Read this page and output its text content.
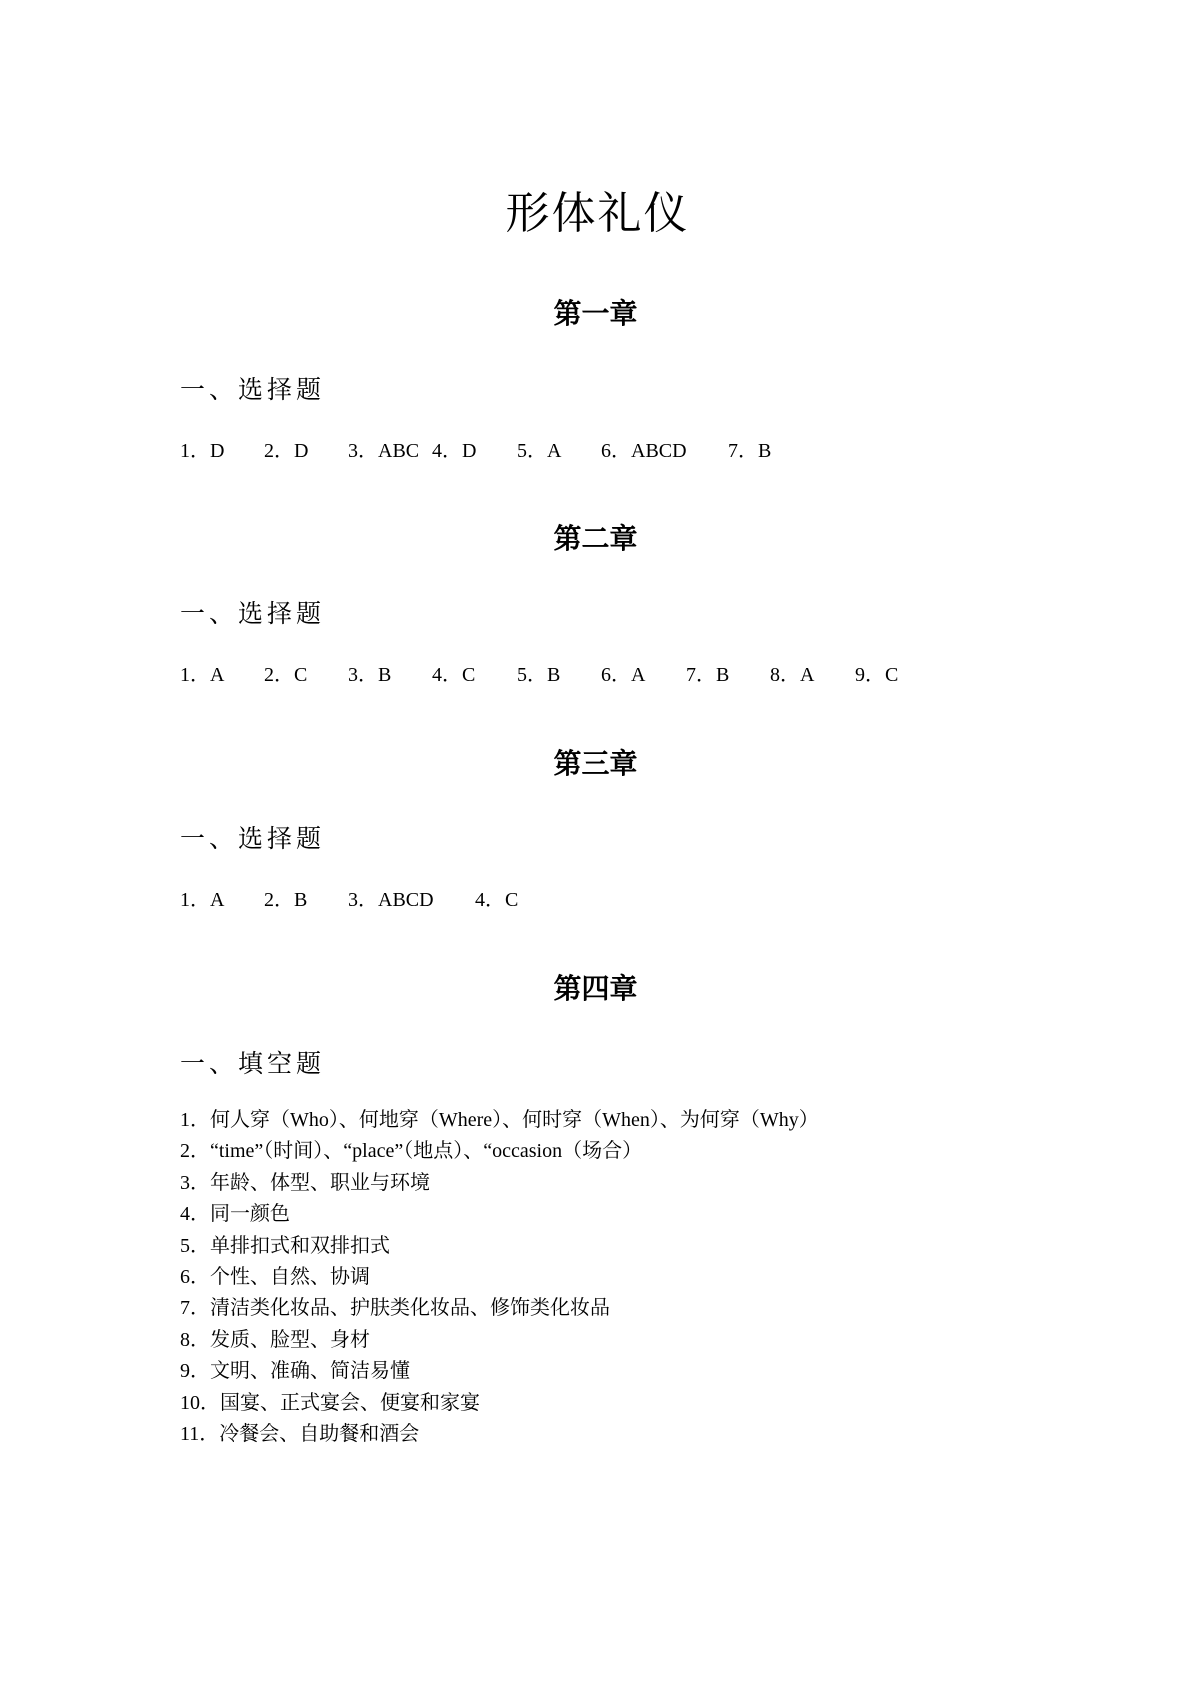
形体礼仪
第一章
一、选择题
1．D 2．D 3．ABC 4．D 5．A 6．ABCD 7．B
第二章
一、选择题
1．A 2．C 3．B 4．C 5．B 6．A 7．B 8．A 9．C
第三章
一、选择题
1．A 2．B 3．ABCD 4．C
第四章
一、填空题
1．何人穿（Who）、何地穿（Where）、何时穿（When）、为何穿（Why）
2．“time”（时间）、“place”（地点）、“occasion（场合）
3．年龄、体型、职业与环境
4．同一颜色
5．单排扣式和双排扣式
6．个性、自然、协调
7．清洁类化妆品、护肤类化妆品、修饰类化妆品
8．发质、脸型、身材
9．文明、准确、简洁易懂
10．国宴、正式宴会、便宴和家宴
11．冷餐会、自助餐和酒会
